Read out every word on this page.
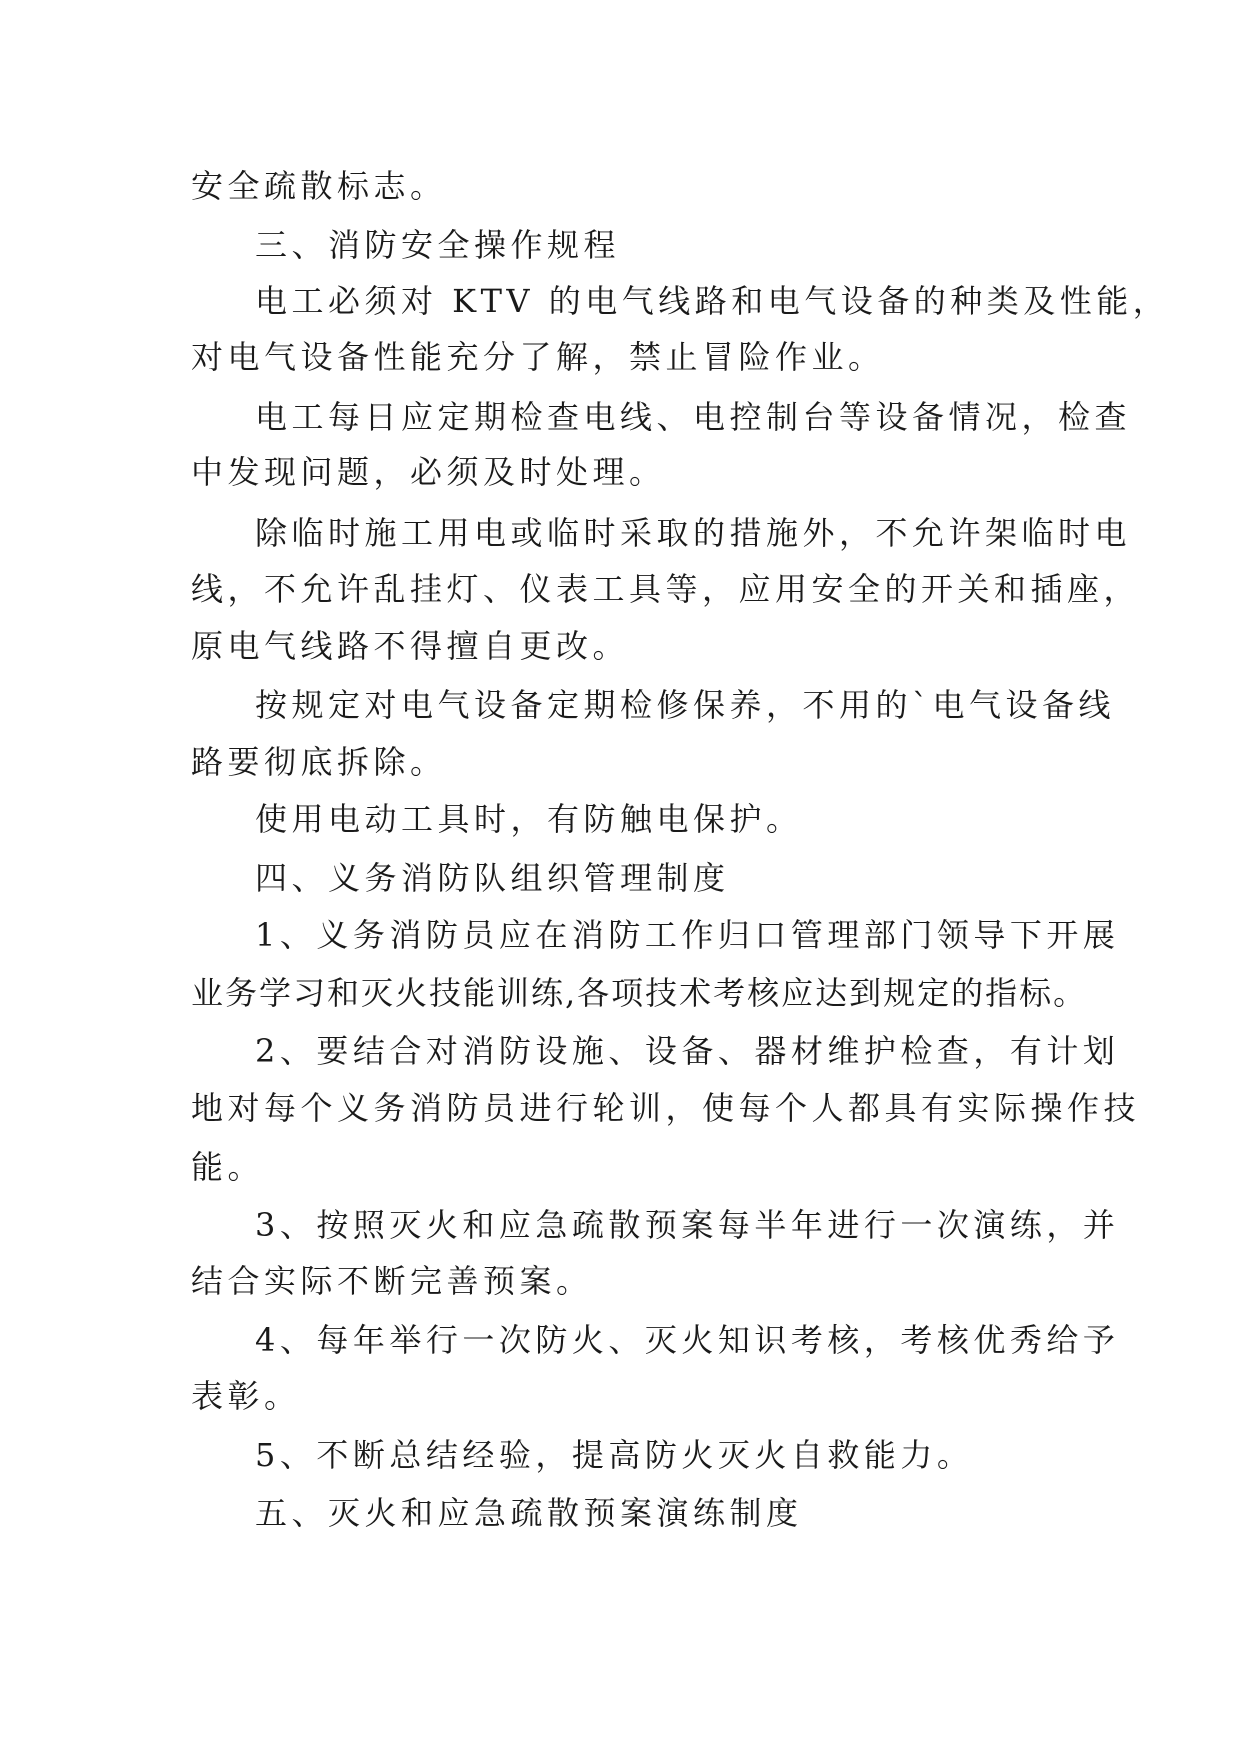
安全疏散标志。
三、消防安全操作规程
电工必须对 KTV 的电气线路和电气设备的种类及性能，
对电气设备性能充分了解，禁止冒险作业。
电工每日应定期检查电线、电控制台等设备情况，检查
中发现问题，必须及时处理。
除临时施工用电或临时采取的措施外，不允许架临时电
线，不允许乱挂灯、仪表工具等，应用安全的开关和插座，
原电气线路不得擅自更改。
按规定对电气设备定期检修保养，不用的`电气设备线
路要彻底拆除。
使用电动工具时，有防触电保护。
四、义务消防队组织管理制度
1、义务消防员应在消防工作归口管理部门领导下开展
业务学习和灭火技能训练,各项技术考核应达到规定的指标。
2、要结合对消防设施、设备、器材维护检查，有计划
地对每个义务消防员进行轮训，使每个人都具有实际操作技
能。
3、按照灭火和应急疏散预案每半年进行一次演练，并
结合实际不断完善预案。
4、每年举行一次防火、灭火知识考核，考核优秀给予
表彰。
5、不断总结经验，提高防火灭火自救能力。
五、灭火和应急疏散预案演练制度
